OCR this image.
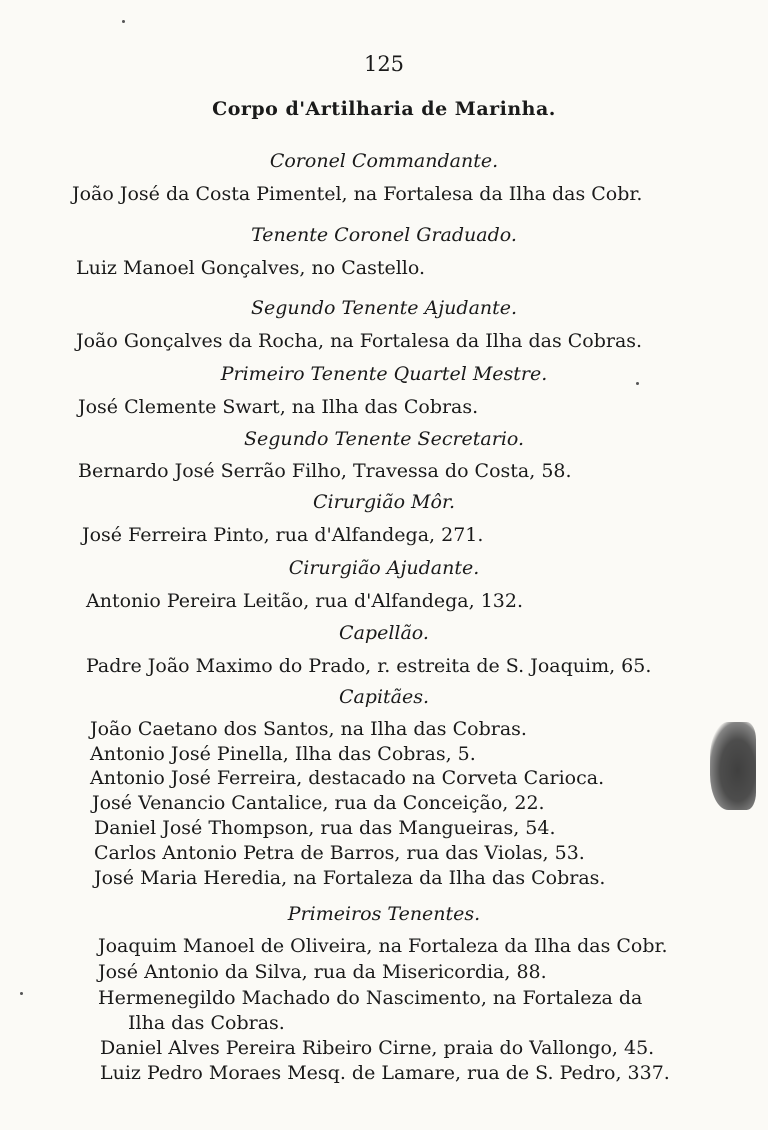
125
Corpo d'Artilharia de Marinha.
Coronel Commandante.
João José da Costa Pimentel, na Fortalesa da Ilha das Cobr.
Tenente Coronel Graduado.
Luiz Manoel Gonçalves, no Castello.
Segundo Tenente Ajudante.
João Gonçalves da Rocha, na Fortalesa da Ilha das Cobras.
Primeiro Tenente Quartel Mestre.
José Clemente Swart, na Ilha das Cobras.
Segundo Tenente Secretario.
Bernardo José Serrão Filho, Travessa do Costa, 58.
Cirurgião Môr.
José Ferreira Pinto, rua d'Alfandega, 271.
Cirurgião Ajudante.
Antonio Pereira Leitão, rua d'Alfandega, 132.
Capellão.
Padre João Maximo do Prado, r. estreita de S. Joaquim, 65.
Capitães.
João Caetano dos Santos, na Ilha das Cobras.
Antonio José Pinella, Ilha das Cobras, 5.
Antonio José Ferreira, destacado na Corveta Carioca.
José Venancio Cantalice, rua da Conceição, 22.
Daniel José Thompson, rua das Mangueiras, 54.
Carlos Antonio Petra de Barros, rua das Violas, 53.
José Maria Heredia, na Fortaleza da Ilha das Cobras.
Primeiros Tenentes.
Joaquim Manoel de Oliveira, na Fortaleza da Ilha das Cobr.
José Antonio da Silva, rua da Misericordia, 88.
Hermenegildo Machado do Nascimento, na Fortaleza da
Ilha das Cobras.
Daniel Alves Pereira Ribeiro Cirne, praia do Vallongo, 45.
Luiz Pedro Moraes Mesq. de Lamare, rua de S. Pedro, 337.
